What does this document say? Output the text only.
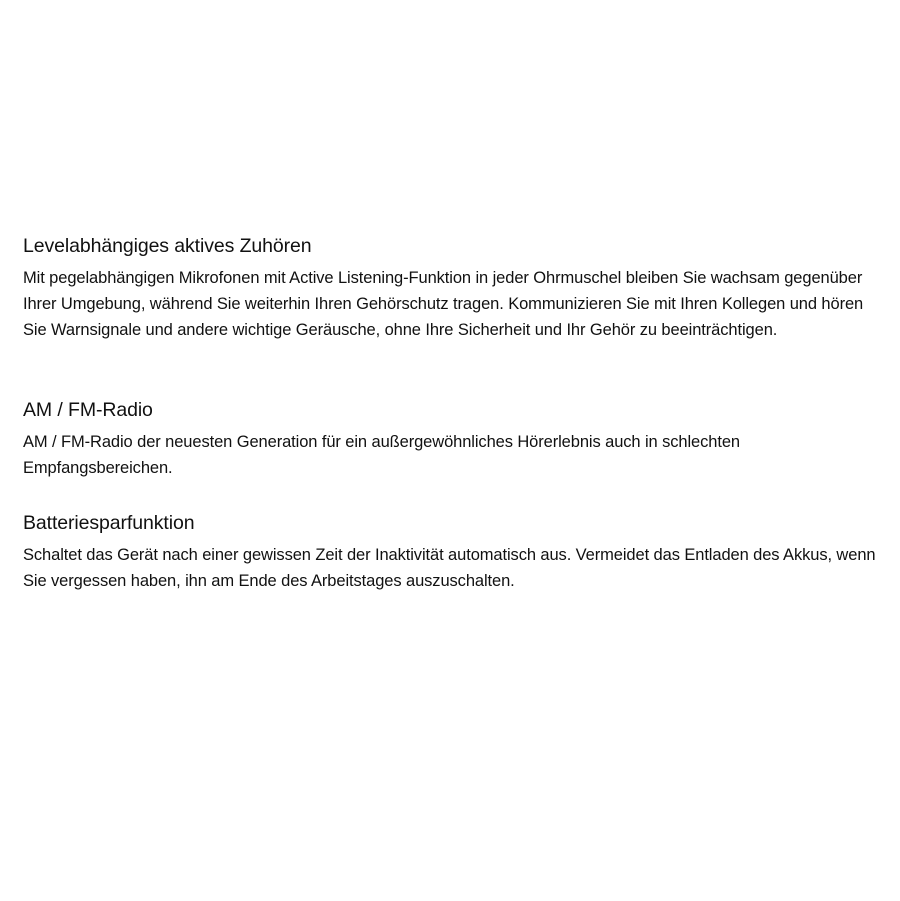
Levelabhängiges aktives Zuhören

Mit pegelabhängigen Mikrofonen mit Active Listening-Funktion in jeder Ohrmuschel bleiben Sie wachsam gegenüber Ihrer Umgebung, während Sie weiterhin Ihren Gehörschutz tragen. Kommunizieren Sie mit Ihren Kollegen und hören Sie Warnsignale und andere wichtige Geräusche, ohne Ihre Sicherheit und Ihr Gehör zu beeinträchtigen.

AM / FM-Radio

AM / FM-Radio der neuesten Generation für ein außergewöhnliches Hörerlebnis auch in schlechten Empfangsbereichen.

Batteriesparfunktion

Schaltet das Gerät nach einer gewissen Zeit der Inaktivität automatisch aus. Vermeidet das Entladen des Akkus, wenn Sie vergessen haben, ihn am Ende des Arbeitstages auszuschalten.
